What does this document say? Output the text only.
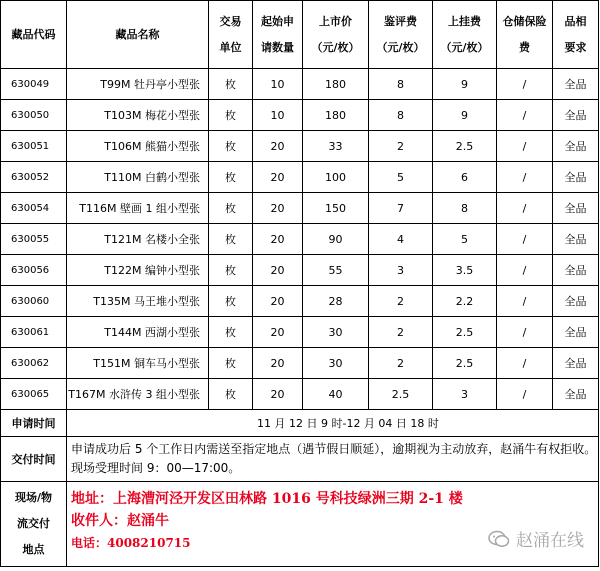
藏品代码	藏品名称	交易单位	起始申请数量	上市价（元/枚）	鉴评费（元/枚）	上挂费（元/枚）	仓储保险费	品相要求
630049	T99M 牡丹亭小型张	枚	10	180	8	9	/	全品
630050	T103M 梅花小型张	枚	10	180	8	9	/	全品
630051	T106M 熊猫小型张	枚	20	33	2	2.5	/	全品
630052	T110M 白鹤小型张	枚	20	100	5	6	/	全品
630054	T116M 壁画 1 组小型张	枚	20	150	7	8	/	全品
630055	T121M 名楼小全张	枚	20	90	4	5	/	全品
630056	T122M 编钟小型张	枚	20	55	3	3.5	/	全品
630060	T135M 马王堆小型张	枚	20	28	2	2.2	/	全品
630061	T144M 西湖小型张	枚	20	30	2	2.5	/	全品
630062	T151M 铜车马小型张	枚	20	30	2	2.5	/	全品
630065	T167M 水浒传 3 组小型张	枚	20	40	2.5	3	/	全品
申请时间	11 月 12 日 9 时-12 月 04 日 18 时							
交付时间	申请成功后 5 个工作日内需送至指定地点（遇节假日顺延），逾期视为主动放弃，赵涌牛有权拒收。现场受理时间 9：00—17:00。							
现场/物流交付地点	地址：上海漕河泾开发区田林路 1016 号科技绿洲三期 2-1 楼
收件人：赵涌牛
电话：4008210715 赵涌在线							
